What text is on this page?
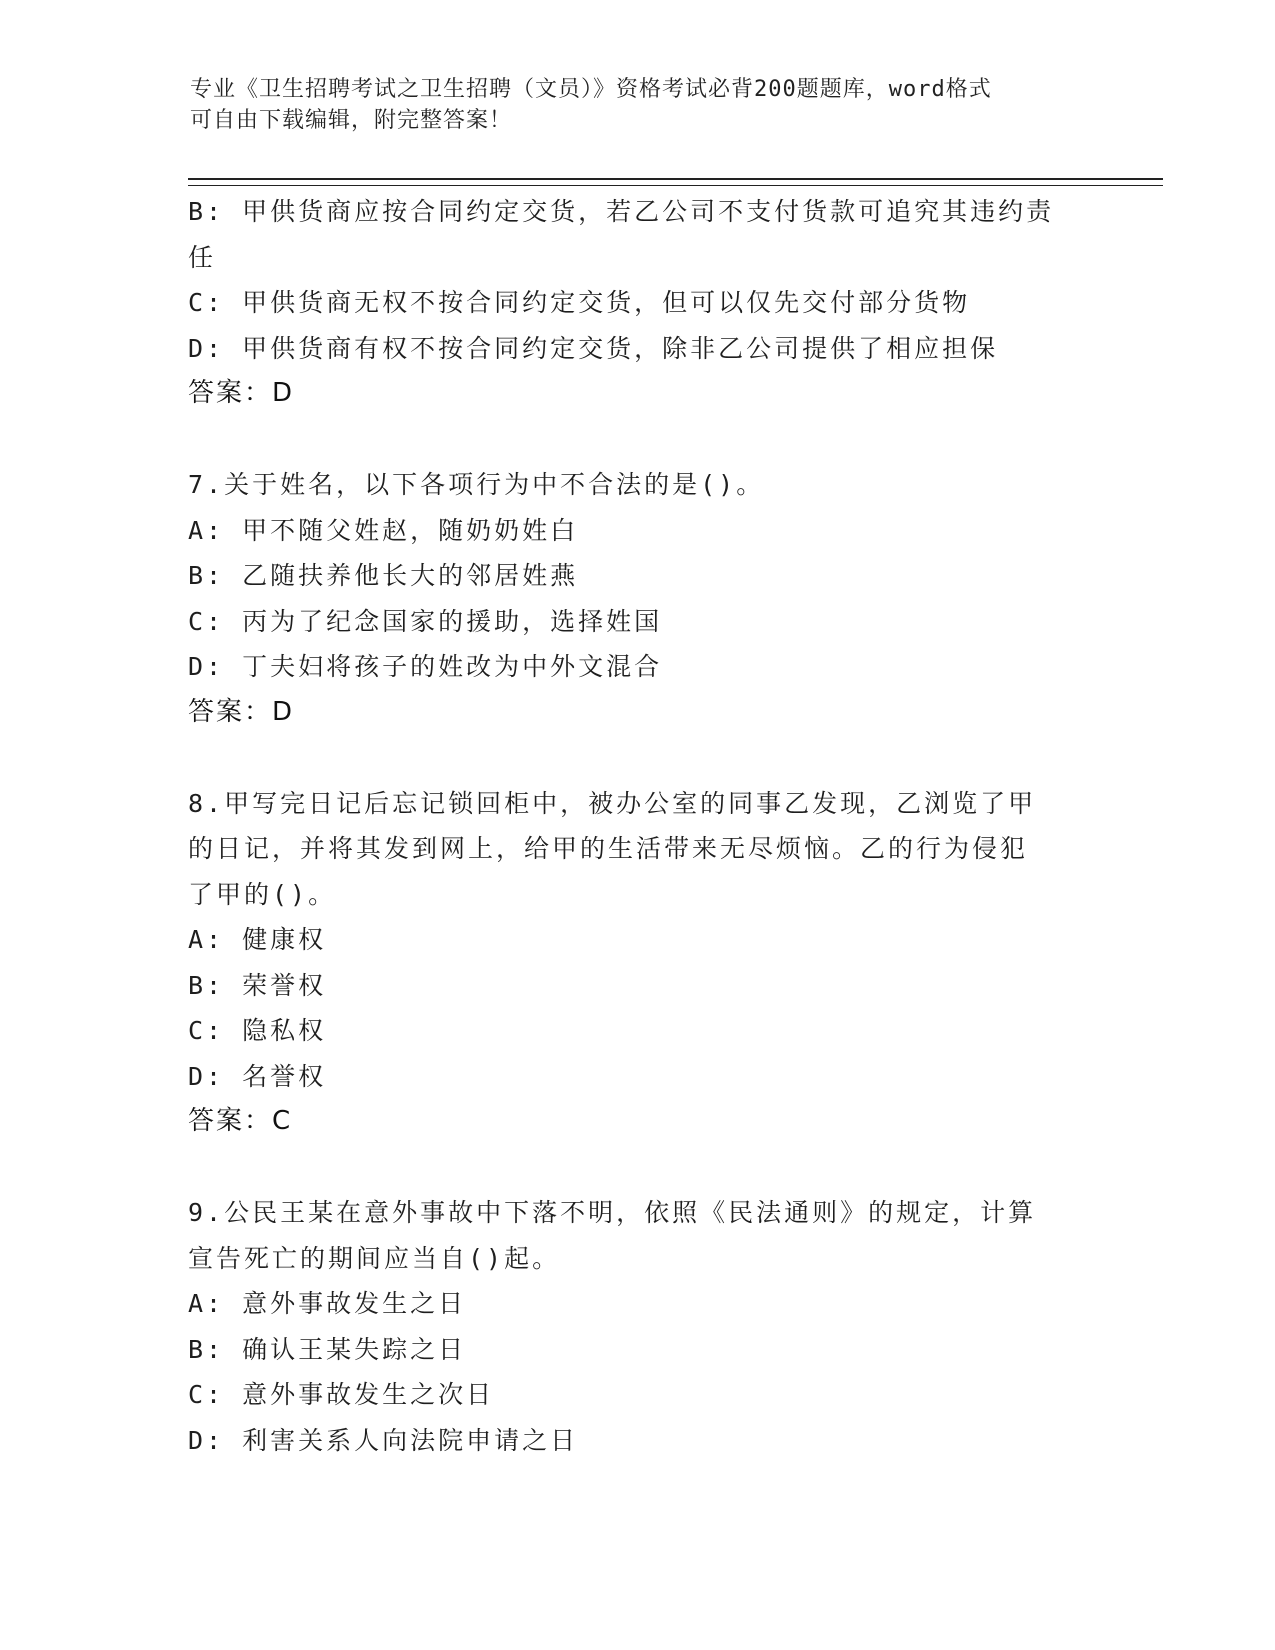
专业《卫生招聘考试之卫生招聘（文员）》资格考试必背200题题库，word格式
可自由下载编辑，附完整答案！
B: 甲供货商应按合同约定交货，若乙公司不支付货款可追究其违约责
任
C: 甲供货商无权不按合同约定交货，但可以仅先交付部分货物
D: 甲供货商有权不按合同约定交货，除非乙公司提供了相应担保
答案：D
7.关于姓名，以下各项行为中不合法的是()。
A: 甲不随父姓赵，随奶奶姓白
B: 乙随扶养他长大的邻居姓燕
C: 丙为了纪念国家的援助，选择姓国
D: 丁夫妇将孩子的姓改为中外文混合
答案：D
8.甲写完日记后忘记锁回柜中，被办公室的同事乙发现，乙浏览了甲
的日记，并将其发到网上，给甲的生活带来无尽烦恼。乙的行为侵犯
了甲的()。
A: 健康权
B: 荣誉权
C: 隐私权
D: 名誉权
答案：C
9.公民王某在意外事故中下落不明，依照《民法通则》的规定，计算
宣告死亡的期间应当自()起。
A: 意外事故发生之日
B: 确认王某失踪之日
C: 意外事故发生之次日
D: 利害关系人向法院申请之日
